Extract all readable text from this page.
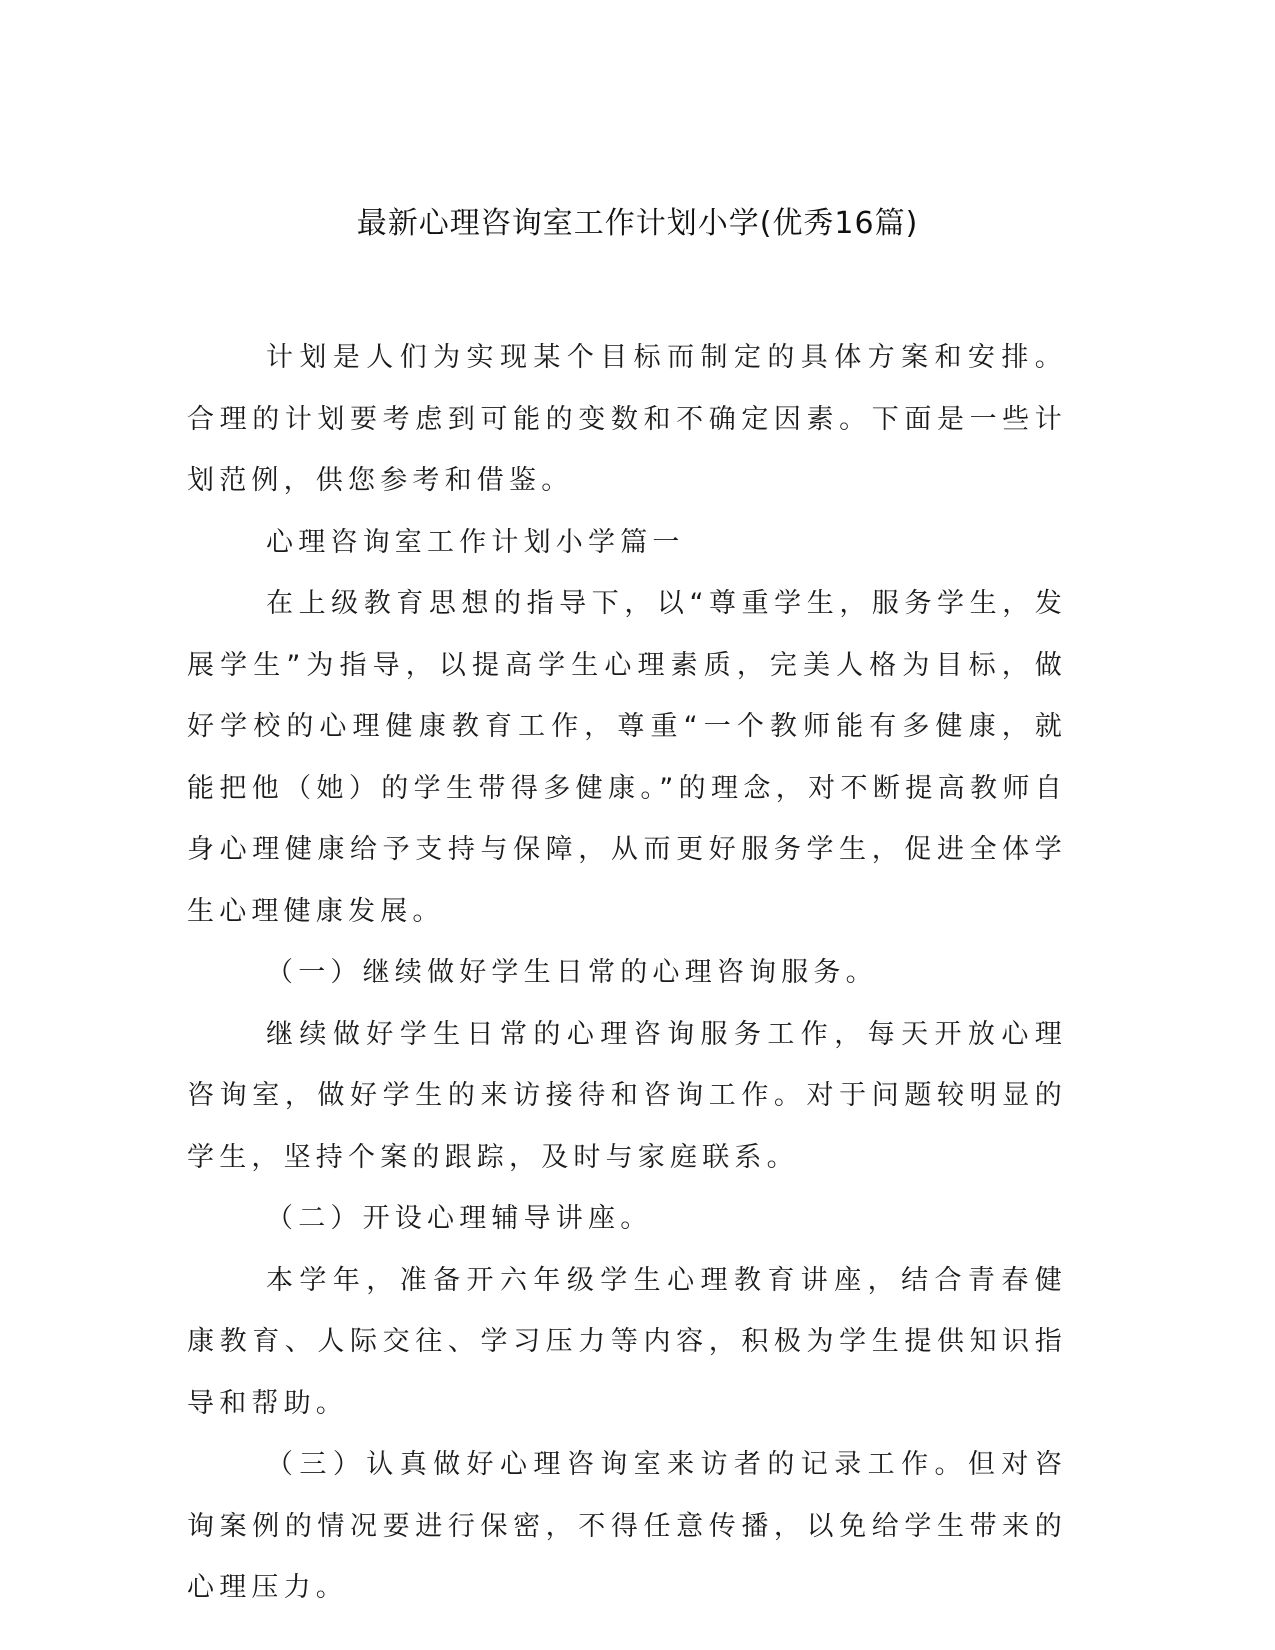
最新心理咨询室工作计划小学(优秀16篇)

计划是人们为实现某个目标而制定的具体方案和安排。合理的计划要考虑到可能的变数和不确定因素。下面是一些计划范例，供您参考和借鉴。

心理咨询室工作计划小学篇一

在上级教育思想的指导下，以“尊重学生，服务学生，发展学生”为指导，以提高学生心理素质，完美人格为目标，做好学校的心理健康教育工作，尊重“一个教师能有多健康，就能把他（她）的学生带得多健康。”的理念，对不断提高教师自身心理健康给予支持与保障，从而更好服务学生，促进全体学生心理健康发展。

（一）继续做好学生日常的心理咨询服务。

继续做好学生日常的心理咨询服务工作，每天开放心理咨询室，做好学生的来访接待和咨询工作。对于问题较明显的学生，坚持个案的跟踪，及时与家庭联系。

（二）开设心理辅导讲座。

本学年，准备开六年级学生心理教育讲座，结合青春健康教育、人际交往、学习压力等内容，积极为学生提供知识指导和帮助。

（三）认真做好心理咨询室来访者的记录工作。但对咨询案例的情况要进行保密，不得任意传播，以免给学生带来的心理压力。
